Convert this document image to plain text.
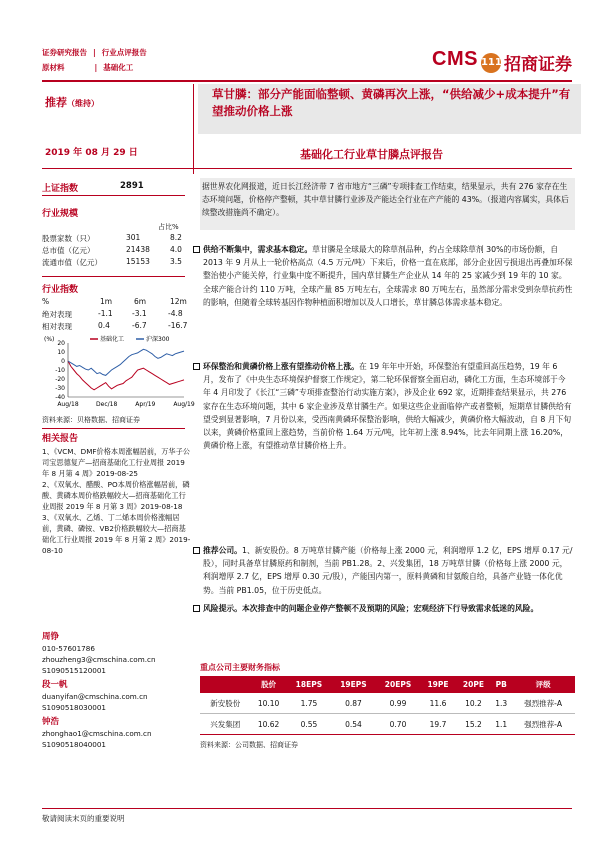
证券研究报告 | 行业点评报告
原材料	| 基础化工	CMS 111 招商证券
推荐（维持）
草甘膦：部分产能面临整顿、黄磷再次上涨，“供给减少+成本提升”有望推动价格上涨
2019 年 08 月 29 日	基础化工行业草甘膦点评报告
上证指数	2891
行业规模
占比%
股票家数（只）	301	8.2
总市值（亿元）	21438	4.0
流通市值（亿元）	15153	3.5
行业指数
%	1m	6m	12m
绝对表现	-1.1	-3.1	-4.8
相对表现	0.4	-6.7	-16.7
(%)
20
10
0
-10
-20
-30
-40
Aug/18	Dec/18	Apr/19	Aug/19
基础化工	沪深300
资料来源：贝格数据、招商证券
相关报告
1、《VCM、DMF价格本周涨幅居前，万华子公司宝思德复产—招商基础化工行业周报 2019 年 8 月第 4 周》2019-08-25
2、《双氧水、醋酸、PO本周价格涨幅居前，磷酸、黄磷本周价格跌幅较大—招商基础化工行业周报 2019 年 8 月第 3 周》2019-08-18
3、《双氧水、乙烯、丁二烯本周价格涨幅居前，黄磷、磷铵、VB2价格跌幅较大—招商基础化工行业周报 2019 年 8 月第 2 周》2019-08-10
周铮
010-57601786
zhouzheng3@cmschina.com.cn
S1090515120001
段一帆
duanyifan@cmschina.com.cn
S1090518030001
钟浩
zhonghao1@cmschina.com.cn
S1090518040001
据世界农化网报道，近日长江经济带 7 省市地方“三磷”专项排查工作结束，结果显示，共有 276 家存在生态环境问题，价格停产整顿，其中草甘膦行业涉及产能达全行业在产产能的 43%。（报道内容属实，具体后续整改措施尚不确定）。
供给不断集中，需求基本稳定。草甘膦是全球最大的除草剂品种，约占全球除草剂 30%的市场份额，自 2013 年 9 月从上一轮价格高点（4.5 万元/吨）下来后，价格一直在底部，部分企业因亏损退出再叠加环保整治使小产能关停，行业集中度不断提升，国内草甘膦生产企业从 14 年的 25 家减少到 19 年的 10 家。全球产能合计约 110 万吨，全球产量 85 万吨左右，全球需求 80 万吨左右，虽然部分需求受到杂草抗药性的影响，但随着全球转基因作物种植面积增加以及人口增长，草甘膦总体需求基本稳定。
环保整治和黄磷价格上涨有望推动价格上涨。在 19 年年中开始，环保整治有望重回高压趋势，19 年 6 月，发布了《中央生态环境保护督察工作规定》，第二轮环保督察全面启动，磷化工方面，生态环境部于今年 4 月印发了《长江“三磷”专项排查整治行动实施方案》，涉及企业 692 家，近期排查结果显示，共 276 家存在生态环境问题，其中 6 家企业涉及草甘膦生产。如果这些企业面临停产或者整顿，短期草甘膦供给有望受到显著影响，7 月份以来，受西南黄磷环保整治影响，供给大幅减少，黄磷价格大幅波动，自 8 月下旬以来，黄磷价格重回上涨趋势，当前价格 1.64 万元/吨，比年初上涨 8.94%，比去年同期上涨 16.20%，黄磷价格上涨，有望推动草甘膦价格上升。
推荐公司。1、新安股份。8 万吨草甘膦产能（价格每上涨 2000 元，利润增厚 1.2 亿，EPS 增厚 0.17 元/股），同时具备草甘膦原药和制剂，当前 PB1.28。2、兴发集团，18 万吨草甘膦（价格每上涨 2000 元，利润增厚 2.7 亿，EPS 增厚 0.30 元/股），产能国内第一，原料黄磷和甘氨酸自给，具备产业链一体化优势。当前 PB1.05，位于历史低点。
风险提示。本次排查中的问题企业停产整顿不及预期的风险；宏观经济下行导致需求低迷的风险。
重点公司主要财务指标
	股价	18EPS	19EPS	20EPS	19PE	20PE	PB	评级
新安股份	10.10	1.75	0.87	0.99	11.6	10.2	1.3	强烈推荐-A
兴发集团	10.62	0.55	0.54	0.70	19.7	15.2	1.1	强烈推荐-A
资料来源：公司数据、招商证券
敬请阅读末页的重要说明
